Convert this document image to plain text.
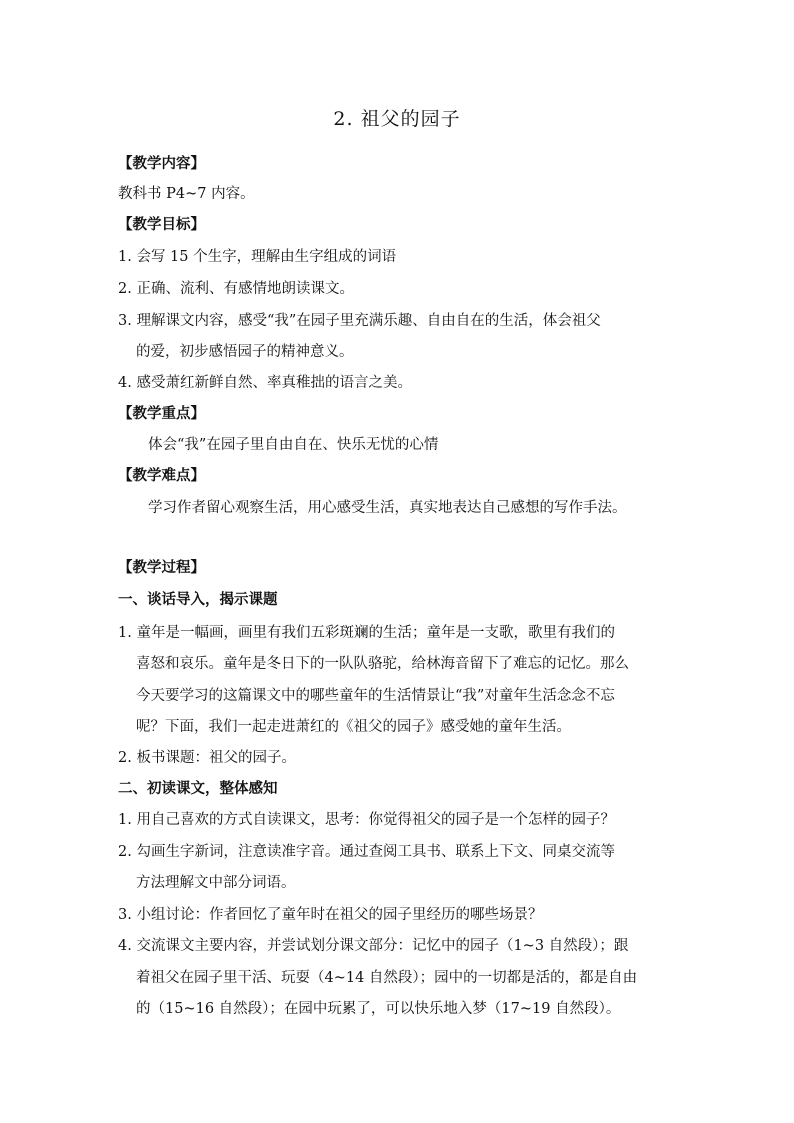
2. 祖父的园子
【教学内容】
教科书 P4~7 内容。
【教学目标】
1. 会写 15 个生字，理解由生字组成的词语
2. 正确、流利、有感情地朗读课文。
3. 理解课文内容，感受“我”在园子里充满乐趣、自由自在的生活，体会祖父
的爱，初步感悟园子的精神意义。
4. 感受萧红新鲜自然、率真稚拙的语言之美。
【教学重点】
体会“我”在园子里自由自在、快乐无忧的心情
【教学难点】
学习作者留心观察生活，用心感受生活，真实地表达自己感想的写作手法。
【教学过程】
一、谈话导入，揭示课题
1. 童年是一幅画，画里有我们五彩斑斓的生活；童年是一支歌，歌里有我们的
喜怒和哀乐。童年是冬日下的一队队骆驼，给林海音留下了难忘的记忆。那么
今天要学习的这篇课文中的哪些童年的生活情景让“我”对童年生活念念不忘
呢？下面，我们一起走进萧红的《祖父的园子》感受她的童年生活。
2. 板书课题：祖父的园子。
二、初读课文，整体感知
1. 用自己喜欢的方式自读课文，思考：你觉得祖父的园子是一个怎样的园子？
2. 勾画生字新词，注意读准字音。通过查阅工具书、联系上下文、同桌交流等
方法理解文中部分词语。
3. 小组讨论：作者回忆了童年时在祖父的园子里经历的哪些场景？
4. 交流课文主要内容，并尝试划分课文部分：记忆中的园子（1~3 自然段）；跟
着祖父在园子里干活、玩耍（4~14 自然段）；园中的一切都是活的，都是自由
的（15~16 自然段）；在园中玩累了，可以快乐地入梦（17~19 自然段）。
